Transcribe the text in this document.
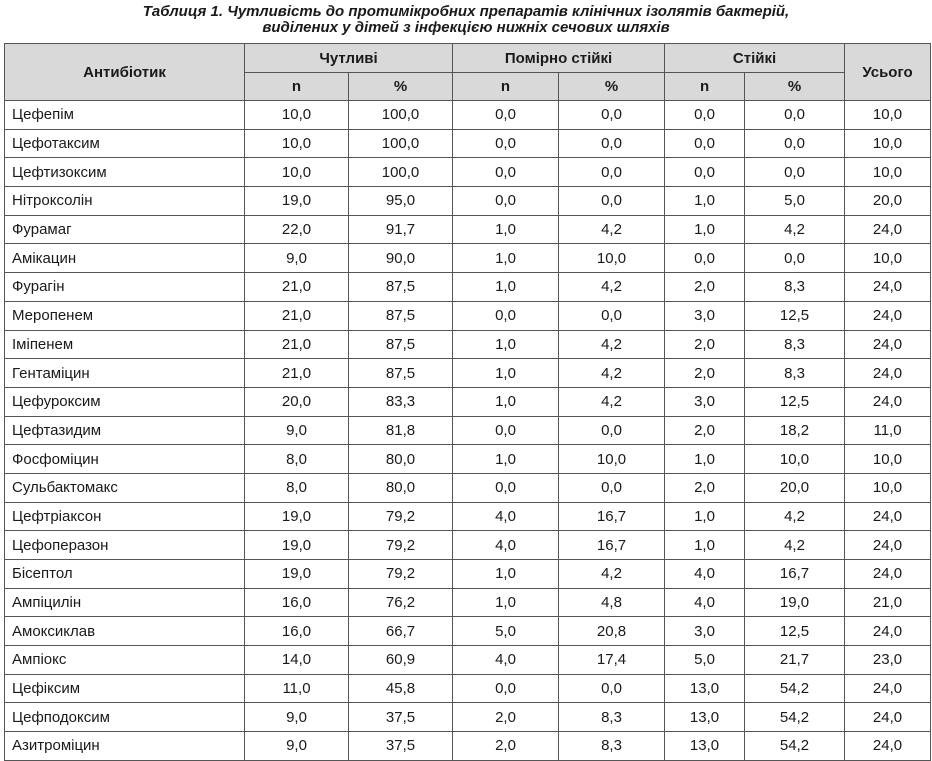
Таблиця 1. Чутливість до протимікробних препаратів клінічних ізолятів бактерій,
виділених у дітей з інфекцією нижніх сечових шляхів
Антибіотик	Чутливі		Помірно стійкі		Стійкі		Усього
	n	%	n	%	n	%	
Цефепім	10,0	100,0	0,0	0,0	0,0	0,0	10,0
Цефотаксим	10,0	100,0	0,0	0,0	0,0	0,0	10,0
Цефтизоксим	10,0	100,0	0,0	0,0	0,0	0,0	10,0
Нітроксолін	19,0	95,0	0,0	0,0	1,0	5,0	20,0
Фурамаг	22,0	91,7	1,0	4,2	1,0	4,2	24,0
Амікацин	9,0	90,0	1,0	10,0	0,0	0,0	10,0
Фурагін	21,0	87,5	1,0	4,2	2,0	8,3	24,0
Меропенем	21,0	87,5	0,0	0,0	3,0	12,5	24,0
Іміпенем	21,0	87,5	1,0	4,2	2,0	8,3	24,0
Гентаміцин	21,0	87,5	1,0	4,2	2,0	8,3	24,0
Цефуроксим	20,0	83,3	1,0	4,2	3,0	12,5	24,0
Цефтазидим	9,0	81,8	0,0	0,0	2,0	18,2	11,0
Фосфоміцин	8,0	80,0	1,0	10,0	1,0	10,0	10,0
Сульбактомакс	8,0	80,0	0,0	0,0	2,0	20,0	10,0
Цефтріаксон	19,0	79,2	4,0	16,7	1,0	4,2	24,0
Цефоперазон	19,0	79,2	4,0	16,7	1,0	4,2	24,0
Бісептол	19,0	79,2	1,0	4,2	4,0	16,7	24,0
Ампіцилін	16,0	76,2	1,0	4,8	4,0	19,0	21,0
Амоксиклав	16,0	66,7	5,0	20,8	3,0	12,5	24,0
Ампіокс	14,0	60,9	4,0	17,4	5,0	21,7	23,0
Цефіксим	11,0	45,8	0,0	0,0	13,0	54,2	24,0
Цефподоксим	9,0	37,5	2,0	8,3	13,0	54,2	24,0
Азитроміцин	9,0	37,5	2,0	8,3	13,0	54,2	24,0
